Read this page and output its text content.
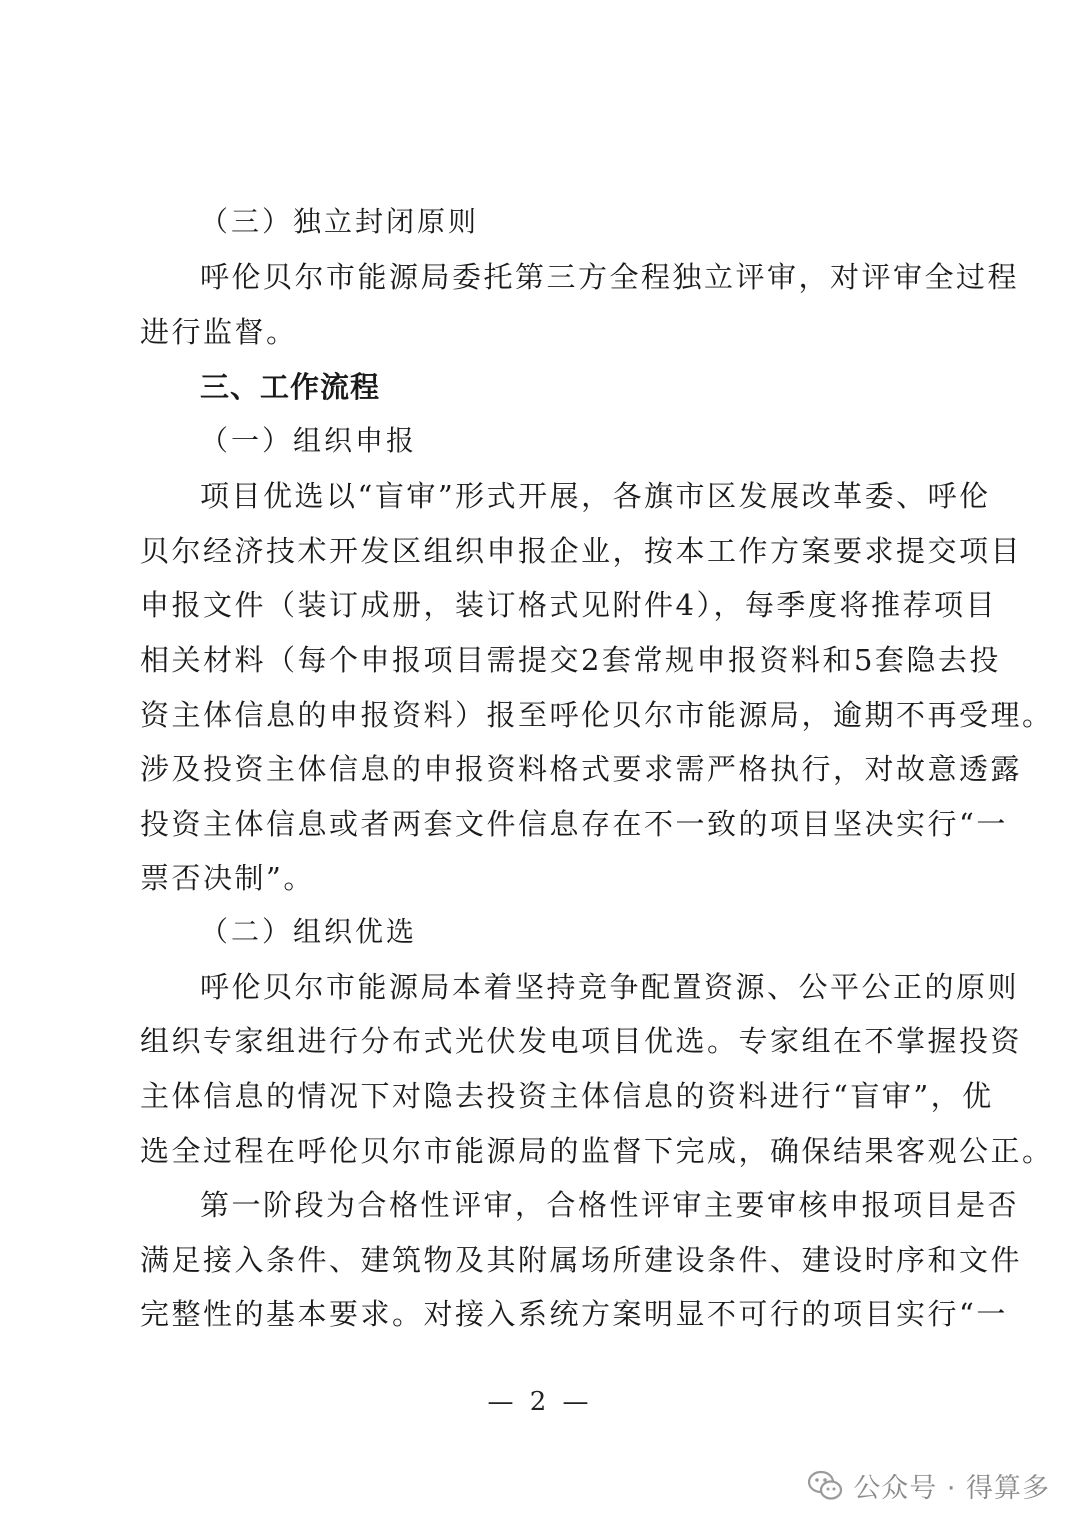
（三）独立封闭原则
呼伦贝尔市能源局委托第三方全程独立评审，对评审全过程
进行监督。
三、工作流程
（一）组织申报
项目优选以“盲审”形式开展，各旗市区发展改革委、呼伦
贝尔经济技术开发区组织申报企业，按本工作方案要求提交项目
申报文件（装订成册，装订格式见附件4），每季度将推荐项目
相关材料（每个申报项目需提交2套常规申报资料和5套隐去投
资主体信息的申报资料）报至呼伦贝尔市能源局，逾期不再受理。
涉及投资主体信息的申报资料格式要求需严格执行，对故意透露
投资主体信息或者两套文件信息存在不一致的项目坚决实行“一
票否决制”。
（二）组织优选
呼伦贝尔市能源局本着坚持竞争配置资源、公平公正的原则
组织专家组进行分布式光伏发电项目优选。专家组在不掌握投资
主体信息的情况下对隐去投资主体信息的资料进行“盲审”，优
选全过程在呼伦贝尔市能源局的监督下完成，确保结果客观公正。
第一阶段为合格性评审，合格性评审主要审核申报项目是否
满足接入条件、建筑物及其附属场所建设条件、建设时序和文件
完整性的基本要求。对接入系统方案明显不可行的项目实行“一
— 2 —
公众号 · 得算多
